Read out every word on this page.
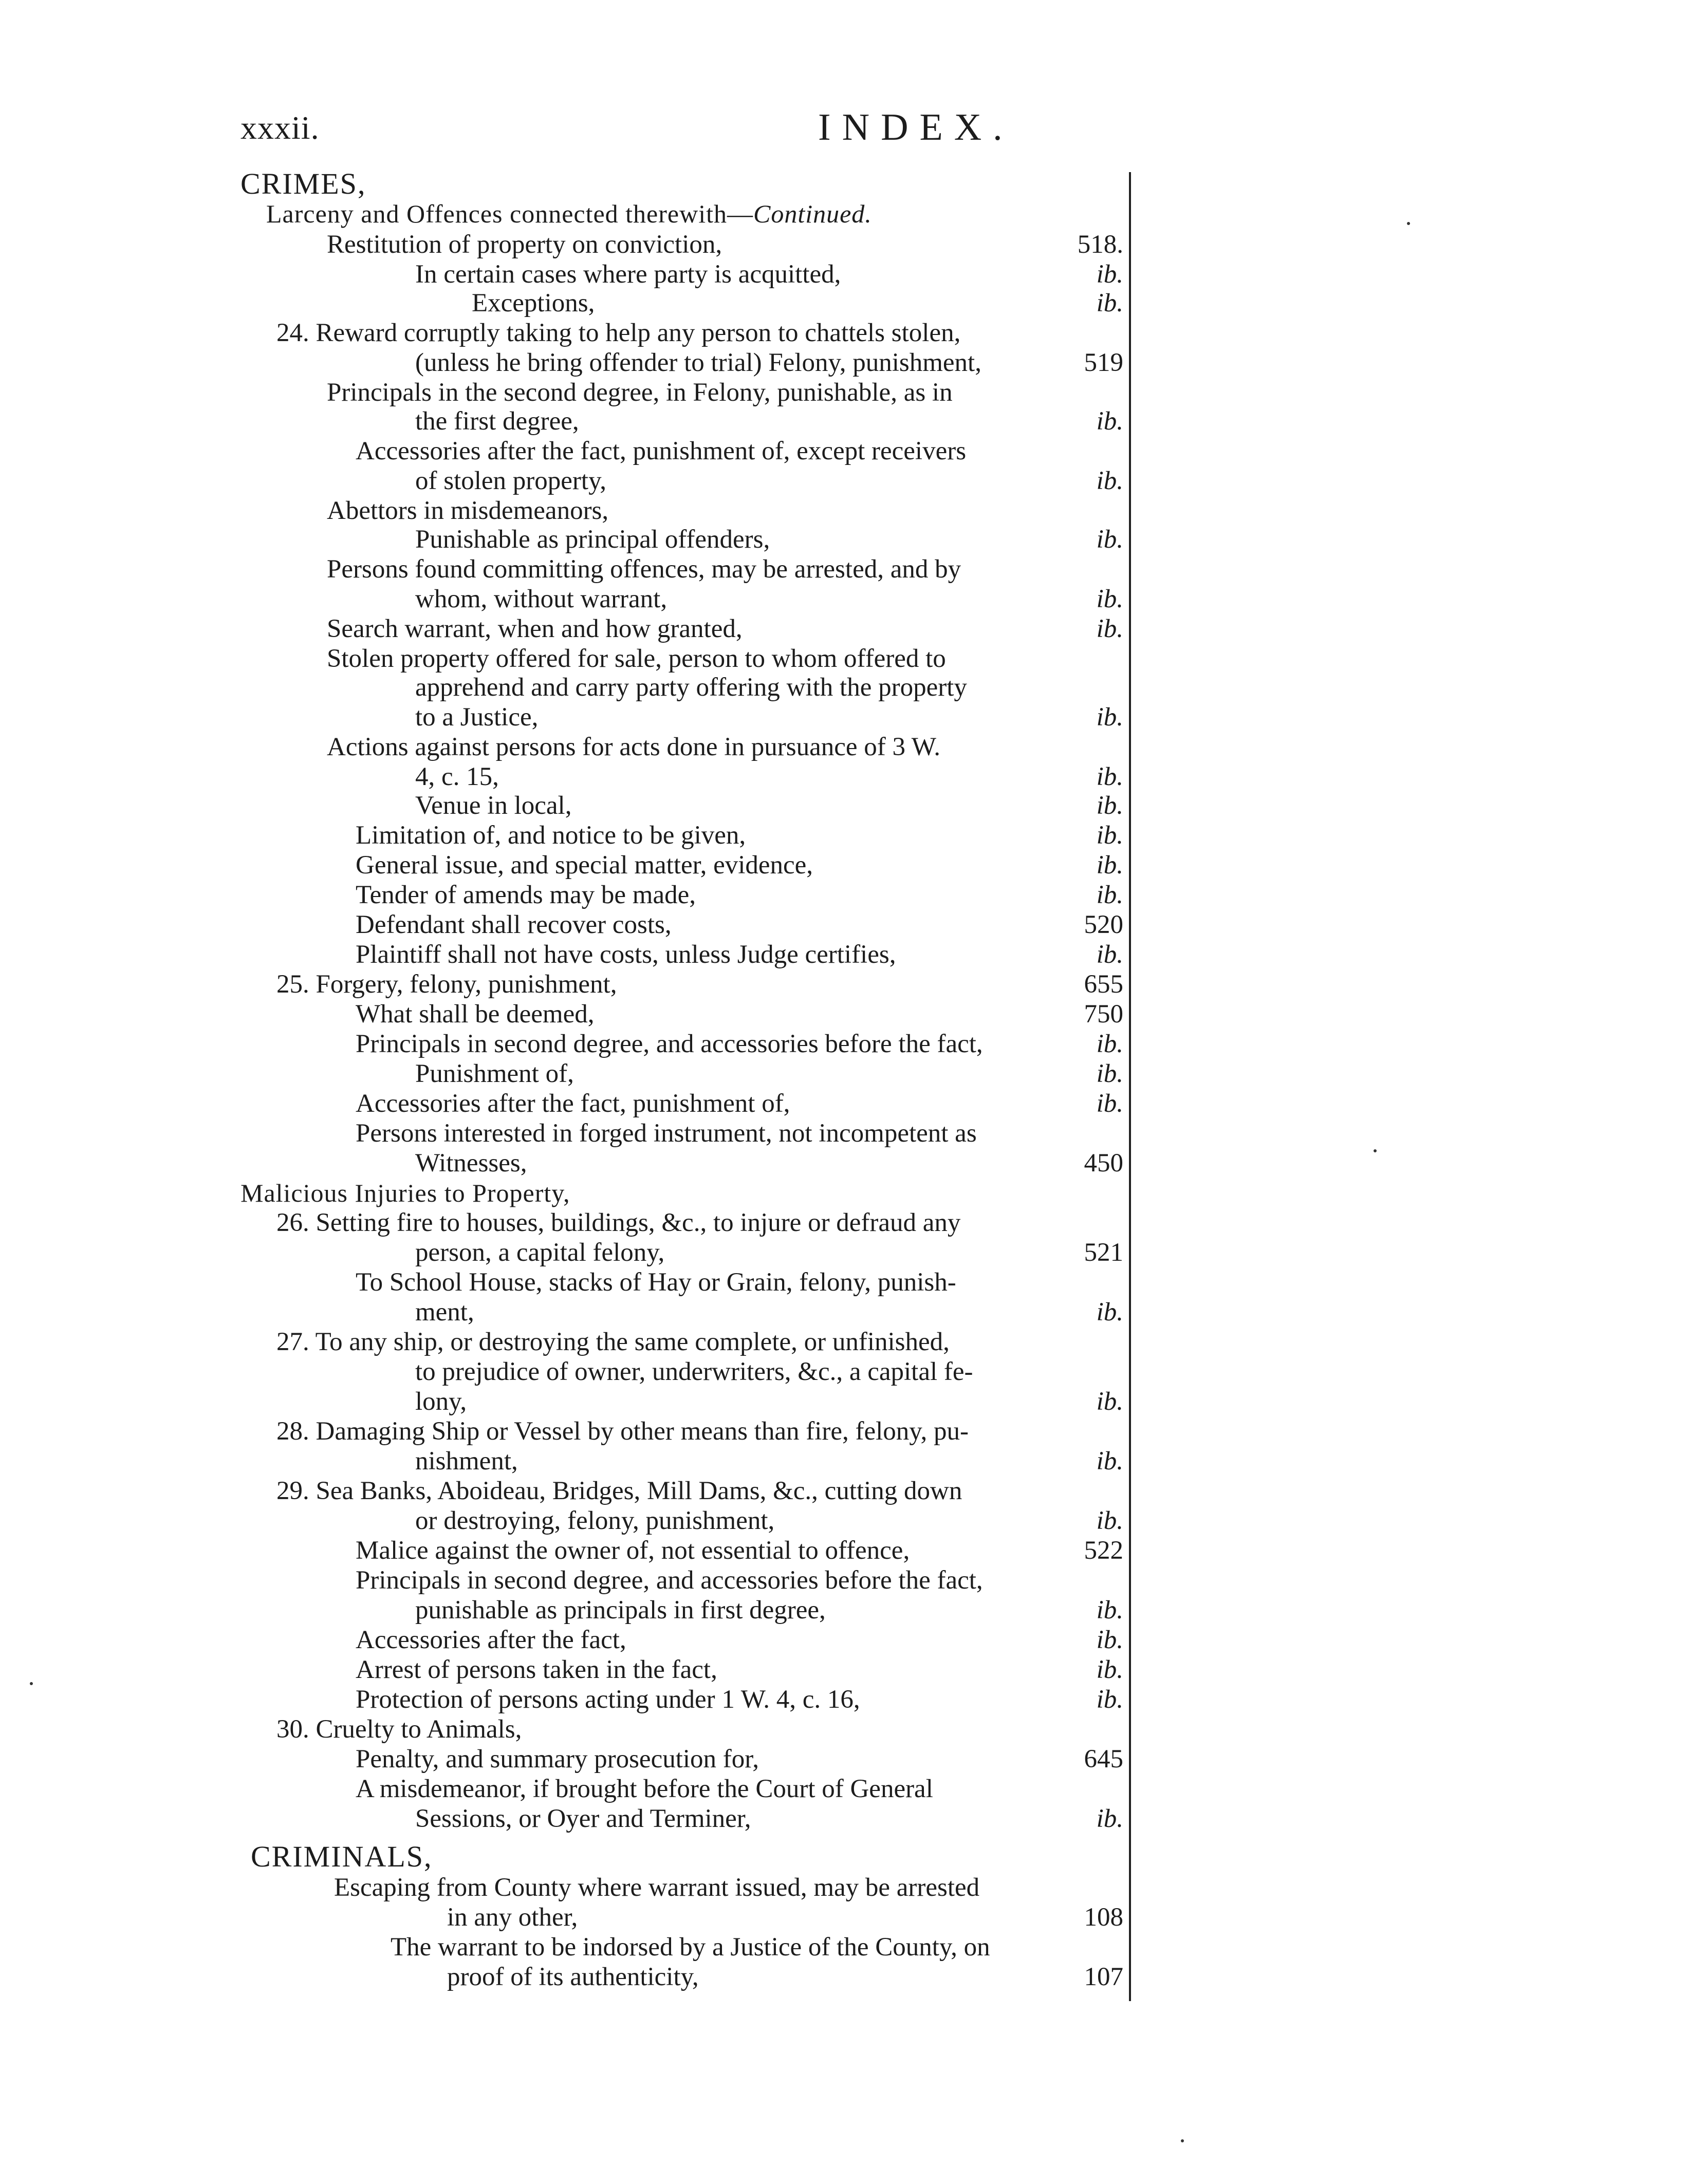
xxxii.	INDEX.
CRIMES,
Larceny and Offences connected therewith—Continued.
Restitution of property on conviction,	518.
In certain cases where party is acquitted,	ib.
Exceptions,	ib.
24. Reward corruptly taking to help any person to chattels stolen,
(unless he bring offender to trial) Felony, punishment,	519
Principals in the second degree, in Felony, punishable, as in
the first degree,	ib.
Accessories after the fact, punishment of, except receivers
of stolen property,	ib.
Abettors in misdemeanors,
Punishable as principal offenders,	ib.
Persons found committing offences, may be arrested, and by
whom, without warrant,	ib.
Search warrant, when and how granted,	ib.
Stolen property offered for sale, person to whom offered to
apprehend and carry party offering with the property
to a Justice,	ib.
Actions against persons for acts done in pursuance of 3 W.
4, c. 15,	ib.
Venue in local,	ib.
Limitation of, and notice to be given,	ib.
General issue, and special matter, evidence,	ib.
Tender of amends may be made,	ib.
Defendant shall recover costs,	520
Plaintiff shall not have costs, unless Judge certifies,	ib.
25. Forgery, felony, punishment,	655
What shall be deemed,	750
Principals in second degree, and accessories before the fact,	ib.
Punishment of,	ib.
Accessories after the fact, punishment of,	ib.
Persons interested in forged instrument, not incompetent as
Witnesses,	450
Malicious Injuries to Property,
26. Setting fire to houses, buildings, &c., to injure or defraud any
person, a capital felony,	521
To School House, stacks of Hay or Grain, felony, punish-
ment,	ib.
27. To any ship, or destroying the same complete, or unfinished,
to prejudice of owner, underwriters, &c., a capital fe-
lony,	ib.
28. Damaging Ship or Vessel by other means than fire, felony, pu-
nishment,	ib.
29. Sea Banks, Aboideau, Bridges, Mill Dams, &c., cutting down
or destroying, felony, punishment,	ib.
Malice against the owner of, not essential to offence,	522
Principals in second degree, and accessories before the fact,
punishable as principals in first degree,	ib.
Accessories after the fact,	ib.
Arrest of persons taken in the fact,	ib.
Protection of persons acting under 1 W. 4, c. 16,	ib.
30. Cruelty to Animals,
Penalty, and summary prosecution for,	645
A misdemeanor, if brought before the Court of General
Sessions, or Oyer and Terminer,	ib.
CRIMINALS,
Escaping from County where warrant issued, may be arrested
in any other,	108
The warrant to be indorsed by a Justice of the County, on
proof of its authenticity,	107
